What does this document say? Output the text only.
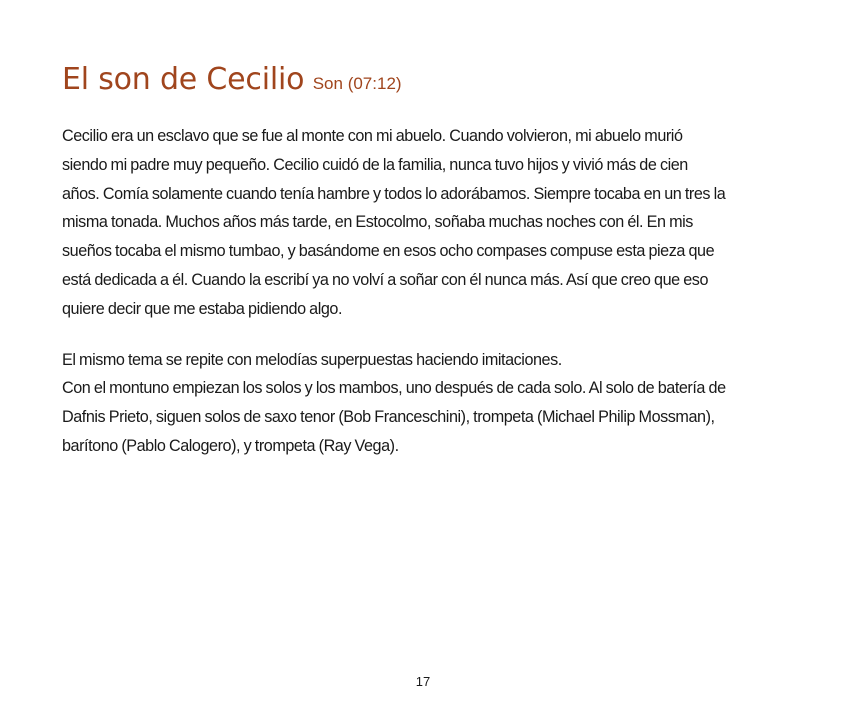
El son de Cecilio Son (07:12)

Cecilio era un esclavo que se fue al monte con mi abuelo. Cuando volvieron, mi abuelo murió
siendo mi padre muy pequeño. Cecilio cuidó de la familia, nunca tuvo hijos y vivió más de cien
años. Comía solamente cuando tenía hambre y todos lo adorábamos. Siempre tocaba en un tres la
misma tonada. Muchos años más tarde, en Estocolmo, soñaba muchas noches con él. En mis
sueños tocaba el mismo tumbao, y basándome en esos ocho compases compuse esta pieza que
está dedicada a él. Cuando la escribí ya no volví a soñar con él nunca más. Así que creo que eso
quiere decir que me estaba pidiendo algo.

El mismo tema se repite con melodías superpuestas haciendo imitaciones.
Con el montuno empiezan los solos y los mambos, uno después de cada solo. Al solo de batería de
Dafnis Prieto, siguen solos de saxo tenor (Bob Franceschini), trompeta (Michael Philip Mossman),
barítono (Pablo Calogero), y trompeta (Ray Vega).

17
